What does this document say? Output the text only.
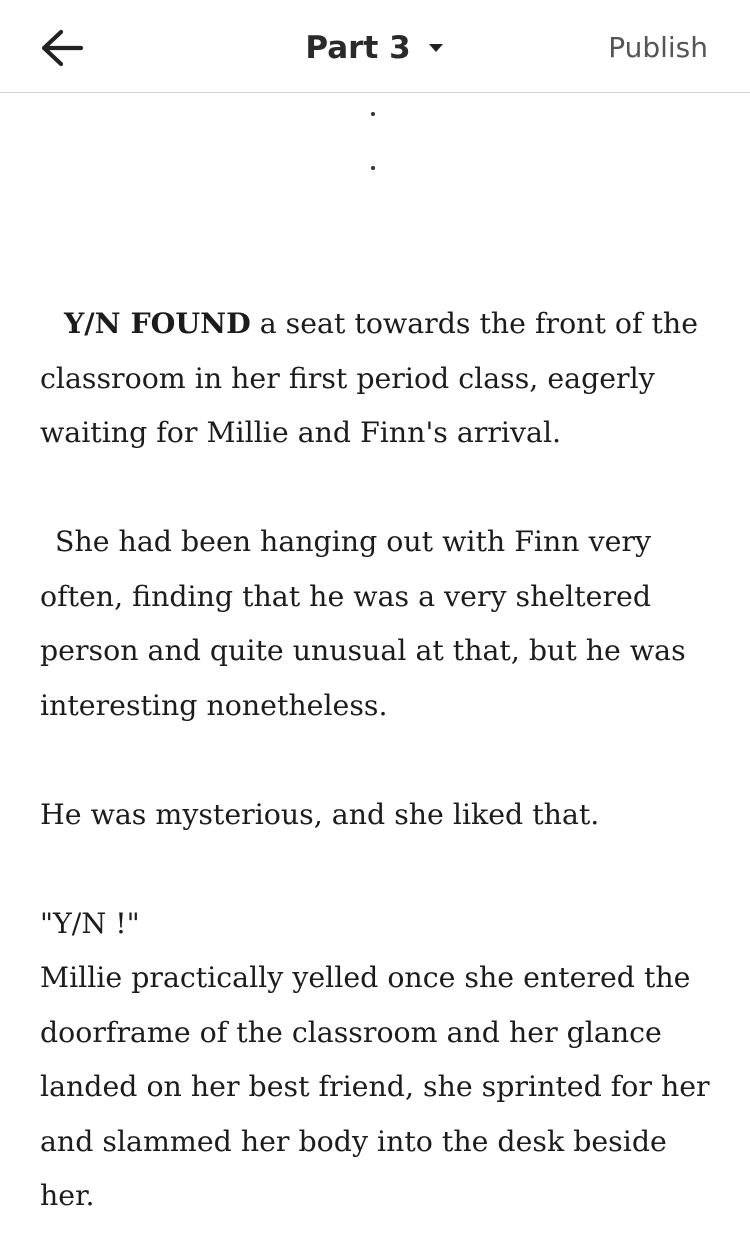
Part 3	Publish

Y/N FOUND a seat towards the front of the classroom in her first period class, eagerly waiting for Millie and Finn's arrival.

She had been hanging out with Finn very often, finding that he was a very sheltered person and quite unusual at that, but he was interesting nonetheless.

He was mysterious, and she liked that.

"Y/N !"

Millie practically yelled once she entered the doorframe of the classroom and her glance landed on her best friend, she sprinted for her and slammed her body into the desk beside her.
